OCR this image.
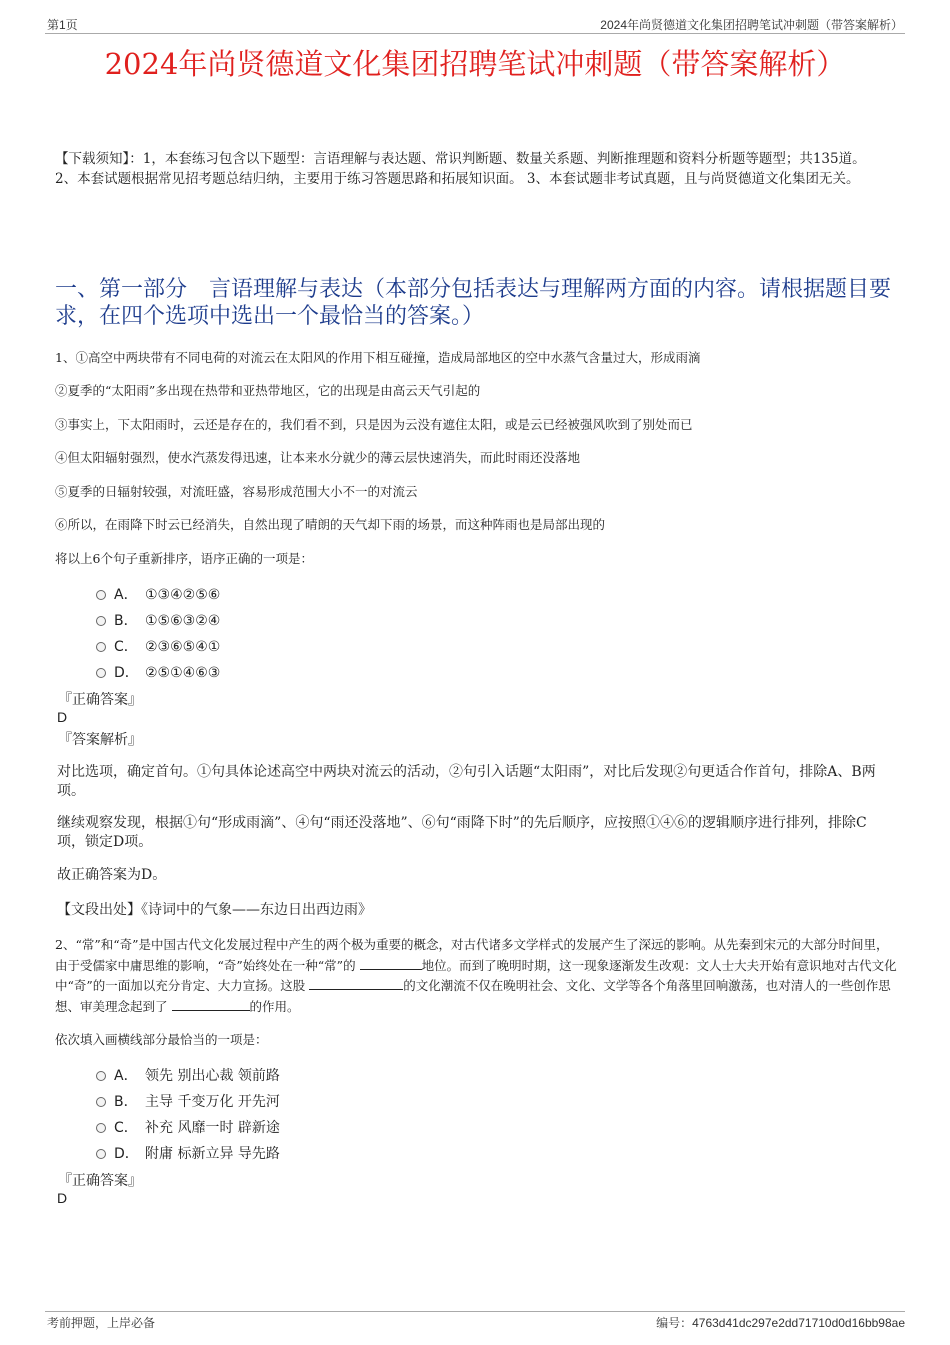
第1页	2024年尚贤德道文化集团招聘笔试冲刺题（带答案解析）
2024年尚贤德道文化集团招聘笔试冲刺题（带答案解析）
【下载须知】：1，本套练习包含以下题型：言语理解与表达题、常识判断题、数量关系题、判断推理题和资料分析题等题型；共135道。 2、本套试题根据常见招考题总结归纳，主要用于练习答题思路和拓展知识面。 3、本套试题非考试真题，且与尚贤德道文化集团无关。
一、第一部分　言语理解与表达（本部分包括表达与理解两方面的内容。请根据题目要求，在四个选项中选出一个最恰当的答案。）
1、①高空中两块带有不同电荷的对流云在太阳风的作用下相互碰撞，造成局部地区的空中水蒸气含量过大，形成雨滴
②夏季的“太阳雨”多出现在热带和亚热带地区，它的出现是由高云天气引起的
③事实上，下太阳雨时，云还是存在的，我们看不到，只是因为云没有遮住太阳，或是云已经被强风吹到了别处而已
④但太阳辐射强烈，使水汽蒸发得迅速，让本来水分就少的薄云层快速消失，而此时雨还没落地
⑤夏季的日辐射较强，对流旺盛，容易形成范围大小不一的对流云
⑥所以，在雨降下时云已经消失，自然出现了晴朗的天气却下雨的场景，而这种阵雨也是局部出现的
将以上6个句子重新排序，语序正确的一项是：
A． ①③④②⑤⑥
B． ①⑤⑥③②④
C． ②③⑥⑤④①
D． ②⑤①④⑥③
『正确答案』
D
『答案解析』
对比选项，确定首句。①句具体论述高空中两块对流云的活动，②句引入话题“太阳雨”，对比后发现②句更适合作首句，排除A、B两项。
继续观察发现，根据①句“形成雨滴”、④句“雨还没落地”、⑥句“雨降下时”的先后顺序，应按照①④⑥的逻辑顺序进行排列，排除C项，锁定D项。
故正确答案为D。
【文段出处】《诗词中的气象——东边日出西边雨》
2、“常”和“奇”是中国古代文化发展过程中产生的两个极为重要的概念，对古代诸多文学样式的发展产生了深远的影响。从先秦到宋元的大部分时间里，由于受儒家中庸思维的影响，“奇”始终处在一种“常”的	地位。而到了晚明时期，这一现象逐渐发生改观：文人士大夫开始有意识地对古代文化中“奇”的一面加以充分肯定、大力宣扬。这股	的文化潮流不仅在晚明社会、文化、文学等各个角落里回响激荡，也对清人的一些创作思想、审美理念起到了	的作用。
依次填入画横线部分最恰当的一项是：
A． 领先 别出心裁 领前路
B． 主导 千变万化 开先河
C． 补充 风靡一时 辟新途
D． 附庸 标新立异 导先路
『正确答案』
D
考前押题，上岸必备	编号：4763d41dc297e2dd71710d0d16bb98ae
